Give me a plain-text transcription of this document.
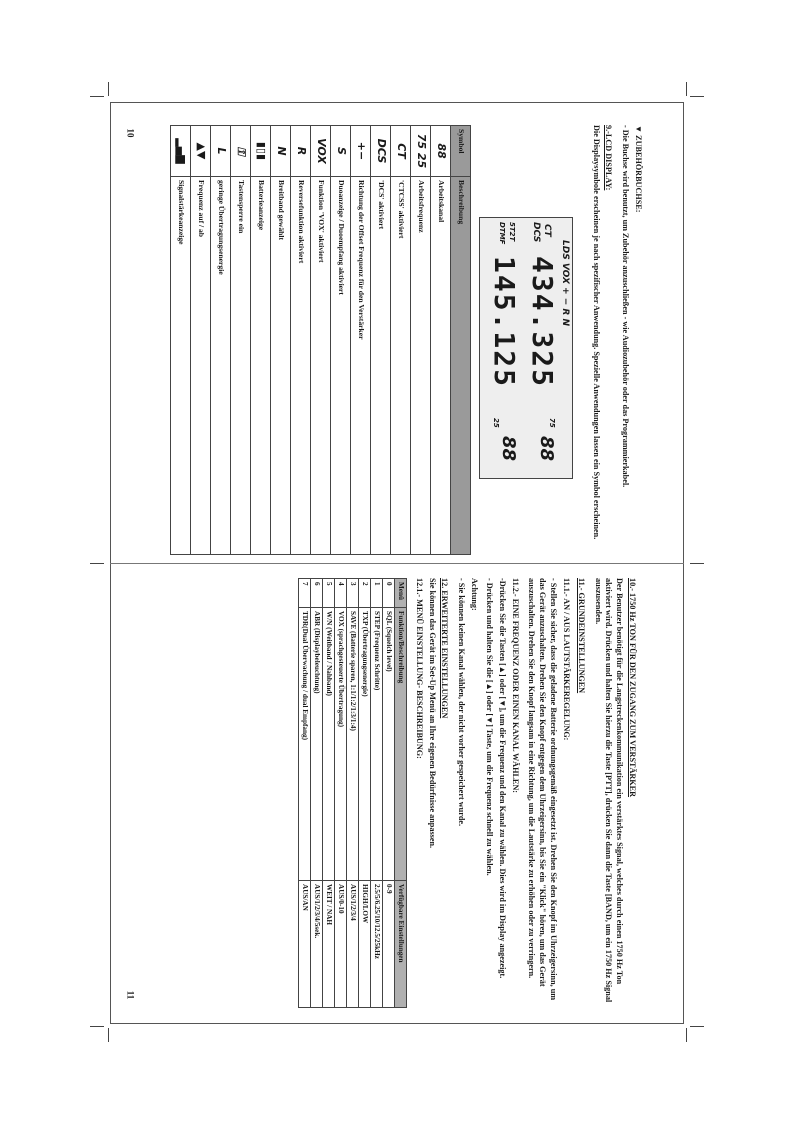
10
11

▼ ZUBEHÖRBUCHSE:

- Die Buchse wird benutzt, um Zubehör anzuschließen - wie Audiozubehör oder das Programmierkabel.

9.-LCD DISPLAY:

Die Displaysymbole erscheinen je nach spezifischer Anwendung. Spezielle Anwendungen lassen ein Symbol erscheinen.

LDS VOX + − R N
CT
DCS
434.325
88
75
5T2T
DTMF
145.125
88
25
Symbol	Beschreibung
88	Arbeitskanal
75 25	Arbeitsfrequenz
CT	'CTCSS' aktiviert
DCS	'DCS' aktiviert
+−	Richtung der Offset Frequenz für den Verstärker
S	Duoanzeige / Duoempfang aktiviert
VOX	Funktion 'VOX' aktiviert
R	Reversefunktion aktiviert
N	Breitband gewählt
▮▯▮	Batterieanzeige
⚿	Tastensperre ein
L	geringe Übertragungsenergie
▲▼	Frequenz auf / ab
▂▄▆	Signalstärkeanzeige

10.- 1750 Hz TON FÜR DEN ZUGANG ZUM VERSTÄRKER

Der Benutzer benötigt für die Langstreckenkommunikation ein verstärktes Signal, welches durch einen 1750 Hz Ton aktiviert wird. Drücken und halten Sie hierzu die Taste [PTT], drücken Sie dann die Taste [BAND, um ein 1750 Hz Signal auszusenden.

11.- GRUNDEINSTELLUNGEN

11.1.- AN / AUS LAUTSTÄRKEREGELUNG:

- Stellen Sie sicher, dass die geladene Batterie ordnungsgemäß eingesetzt ist. Drehen Sie den Knopf im Uhrzeigersinn, um das Gerät anzuschalten. Drehen Sie den Knopf entgegen dem Uhrzeigersinn, bis Sie ein "Klick" hören, um das Gerät auszuschalten. Drehen Sie den Knopf langsam in eine Richtung, um die Lautstärke zu erhöhen oder zu verringern.

11.2.- EINE FREQUENZ ODER EINEN KANAL WÄHLEN:

-Drücken Sie die Tasten [▲] oder [▼], um die Frequenz und den Kanal zu wählen. Dies wird im Display angezeigt.

- Drücken und halten Sie die [▲] oder [▼] Taste, um die Frequenz schnell zu wählen.

Achtung:

- Sie können keinen Kanal wählen, der nicht vorher gespeichert wurde.

12. ERWEITERTE EINSTELLUNGEN

Sie können das Gerät im Set-Up Menü an Ihre eigenen Bedürfnisse anpassen.

12.1.- MENÜ EINSTELLUNG- BESCHREIBUNG:

Menü	Funktion/Beschreibung	Verfügbare Einstellungen
0	SQL (Squelch level)	0-9
1	STEP (Frequenz Schritte)	2.5/5/6.25/10/12.5/25kHz
2	TXP (Übertragungsenergie)	HIGH/LOW
3	SAVE (Batterie sparen, 1:1/1:2/1:3/1:4)	AUS/1/2/3/4
4	VOX (sprachgesteuerte Übertragung)	AUS/0-10
5	W/N (Weitband / Nahband)	WEIT / NAH
6	ABR (Displaybeleuchtung)	AUS/1/2/3/4/5sek.
7	TDR(Dual Überwachung / dual Empfang)	AUS/AN
